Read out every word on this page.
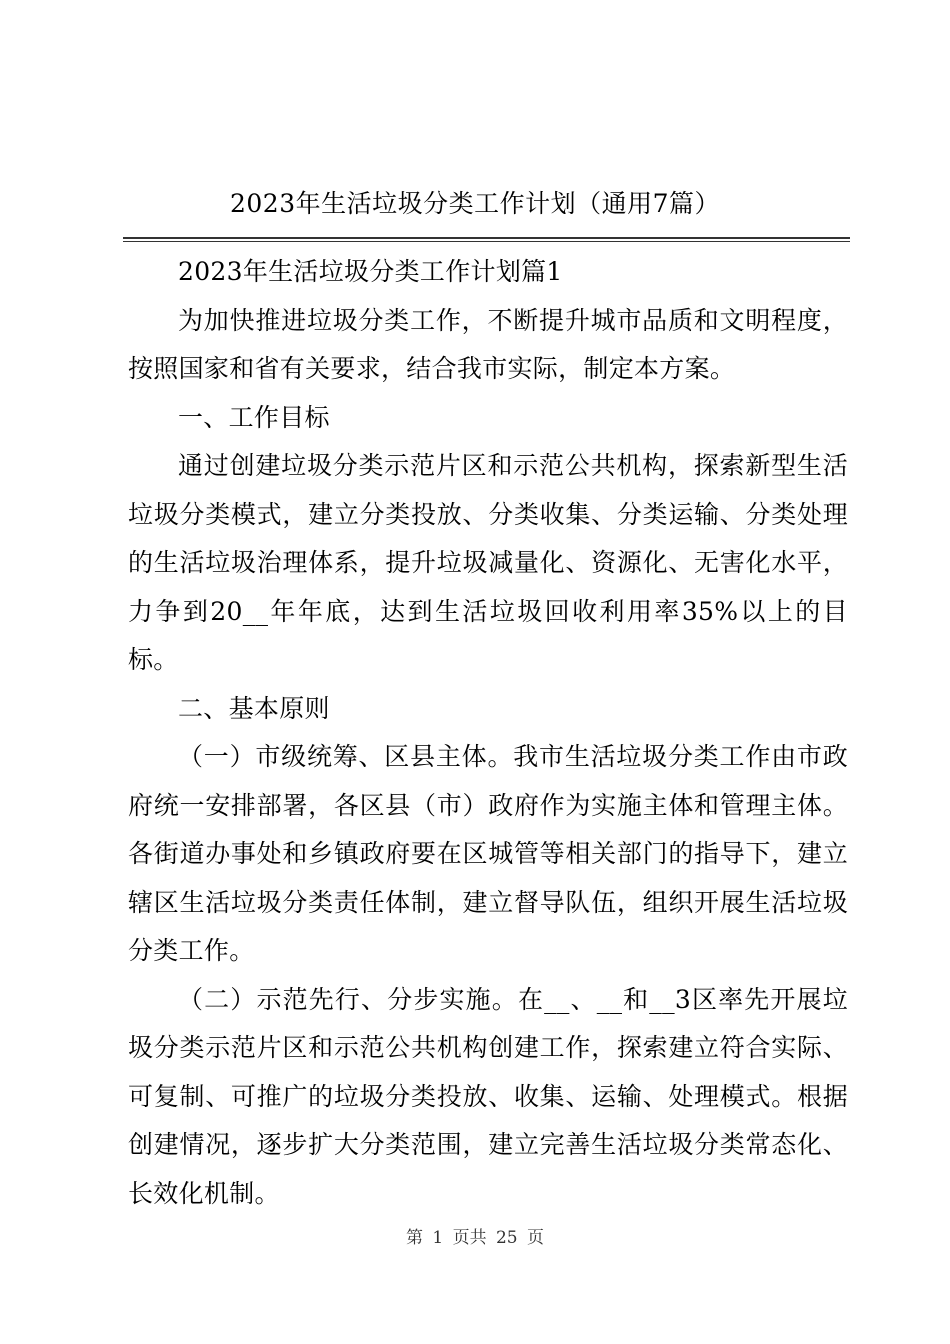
2023年生活垃圾分类工作计划（通用7篇）

2023年生活垃圾分类工作计划篇1

为加快推进垃圾分类工作，不断提升城市品质和文明程度，按照国家和省有关要求，结合我市实际，制定本方案。

一、工作目标

通过创建垃圾分类示范片区和示范公共机构，探索新型生活垃圾分类模式，建立分类投放、分类收集、分类运输、分类处理的生活垃圾治理体系，提升垃圾减量化、资源化、无害化水平，力争到20__年年底，达到生活垃圾回收利用率35%以上的目标。

二、基本原则

（一）市级统筹、区县主体。我市生活垃圾分类工作由市政府统一安排部署，各区县（市）政府作为实施主体和管理主体。各街道办事处和乡镇政府要在区城管等相关部门的指导下，建立辖区生活垃圾分类责任体制，建立督导队伍，组织开展生活垃圾分类工作。

（二）示范先行、分步实施。在__、__和__3区率先开展垃圾分类示范片区和示范公共机构创建工作，探索建立符合实际、可复制、可推广的垃圾分类投放、收集、运输、处理模式。根据创建情况，逐步扩大分类范围，建立完善生活垃圾分类常态化、长效化机制。

第 1 页共 25 页
